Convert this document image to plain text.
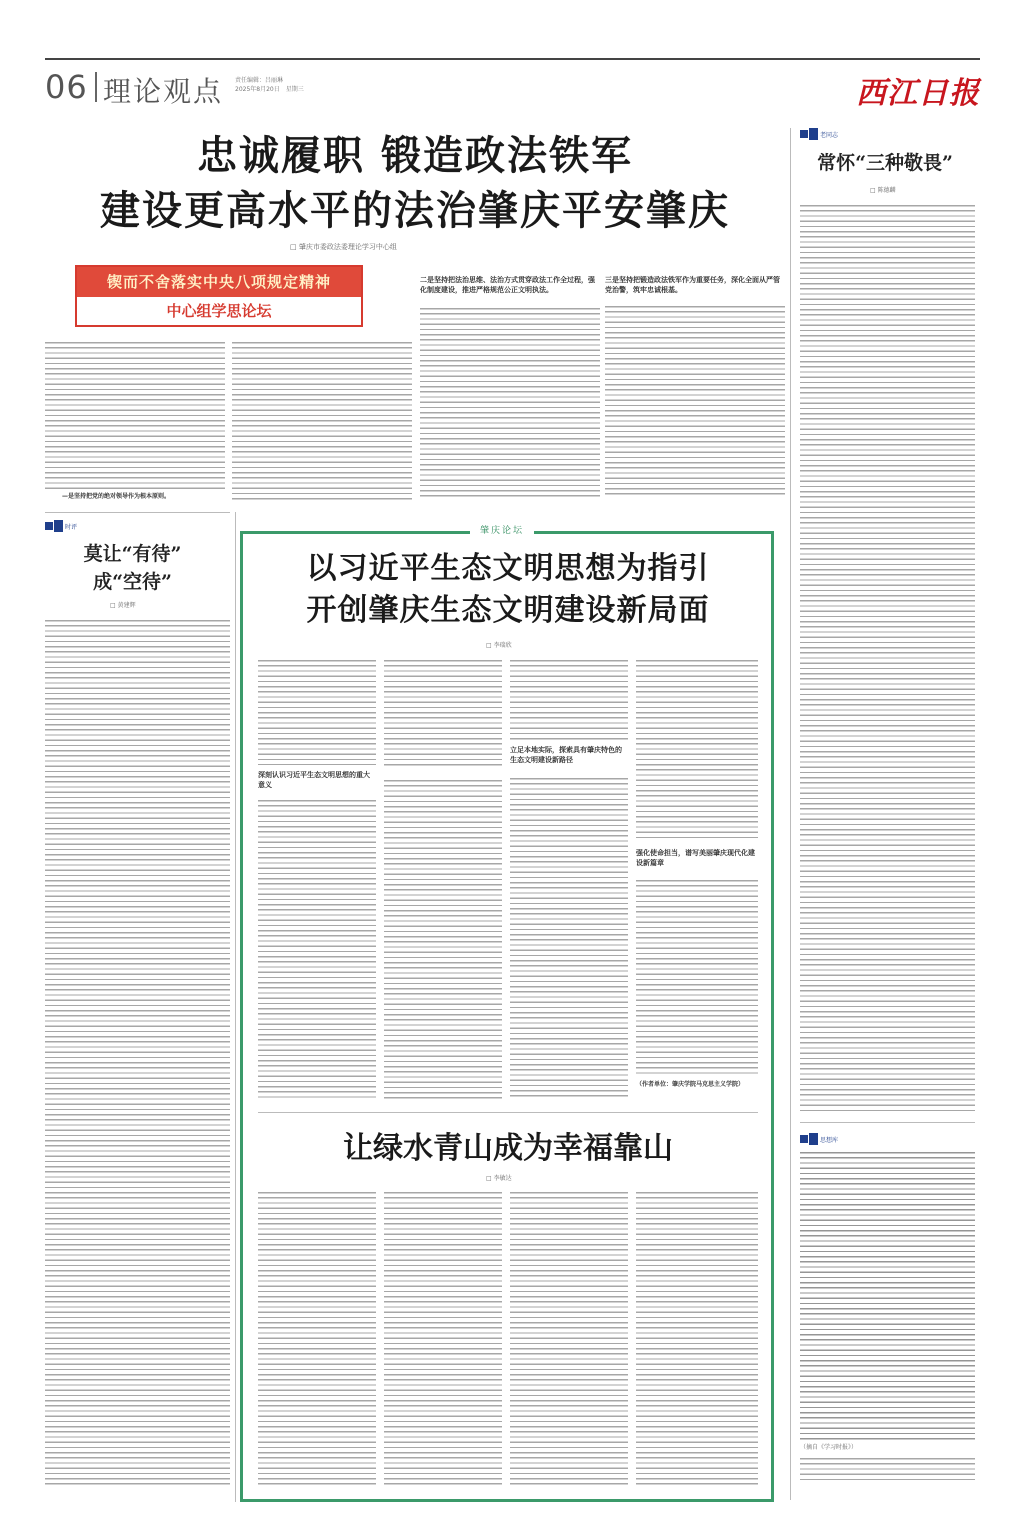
06 理论观点 责任编辑：吕丽琳
2025年8月20日　星期三	西江日报
忠诚履职 锻造政法铁军
建设更高水平的法治肇庆平安肇庆
□ 肇庆市委政法委理论学习中心组
锲而不舍落实中央八项规定精神
中心组学思论坛
—是坚持把党的绝对领导作为根本原则。
二是坚持把法治思维、法治方式贯穿政法工作全过程，强化制度建设，推进严格规范公正文明执法。
三是坚持把锻造政法铁军作为重要任务，深化全面从严管党治警，筑牢忠诚根基。
老同志
常怀“三种敬畏”
□ 陈德麟
思想库
（摘自《学习时报》）
时评
莫让“有待”
成“空待”
□ 黄建辉
肇庆论坛
以习近平生态文明思想为指引
开创肇庆生态文明建设新局面
□ 李瑞欣
深刻认识习近平生态文明思想的重大意义
立足本地实际，探索具有肇庆特色的生态文明建设新路径
强化使命担当，谱写美丽肇庆现代化建设新篇章
（作者单位：肇庆学院马克思主义学院）
让绿水青山成为幸福靠山
□ 李敏达
